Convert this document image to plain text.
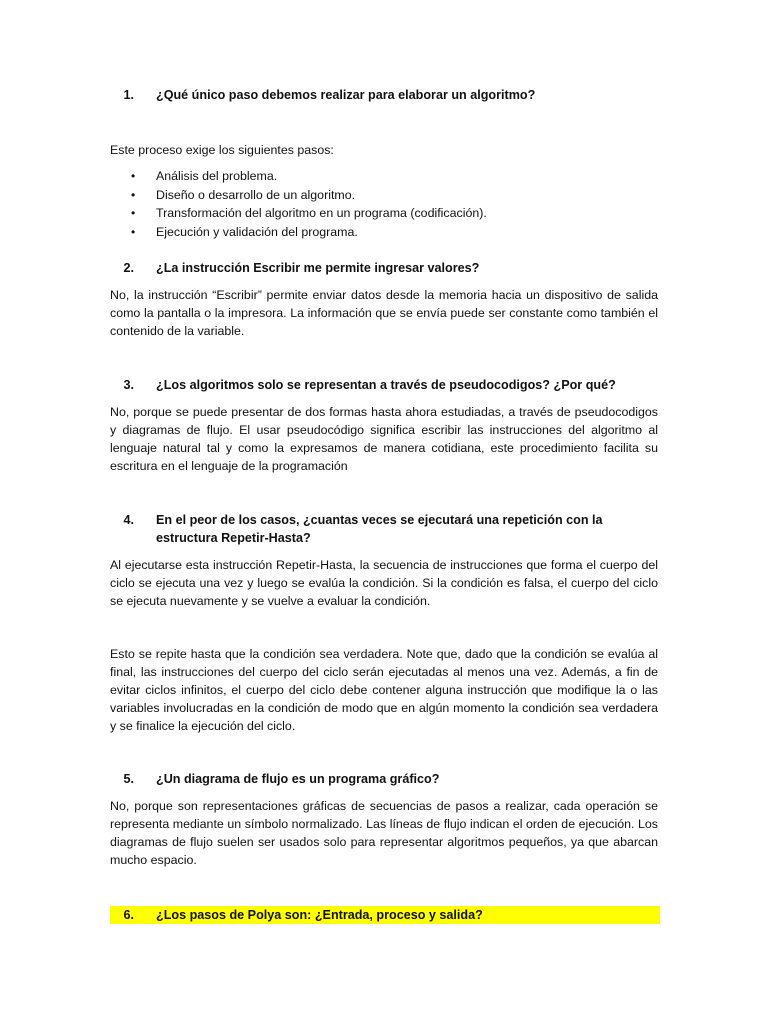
1.	¿Qué único paso debemos realizar para elaborar un algoritmo?
Este proceso exige los siguientes pasos:
• Análisis del problema.
• Diseño o desarrollo de un algoritmo.
• Transformación del algoritmo en un programa (codificación).
• Ejecución y validación del programa.
2.	¿La instrucción Escribir me permite ingresar valores?
No, la instrucción “Escribir” permite enviar datos desde la memoria hacia un dispositivo de salida como la pantalla o la impresora. La información que se envía puede ser constante como también el contenido de la variable.
3.	¿Los algoritmos solo se representan a través de pseudocodigos? ¿Por qué?
No, porque se puede presentar de dos formas hasta ahora estudiadas, a través de pseudocodigos y diagramas de flujo. El usar pseudocódigo significa escribir las instrucciones del algoritmo al lenguaje natural tal y como la expresamos de manera cotidiana, este procedimiento facilita su escritura en el lenguaje de la programación
4.	En el peor de los casos, ¿cuantas veces se ejecutará una repetición con la estructura Repetir-Hasta?
Al ejecutarse esta instrucción Repetir-Hasta, la secuencia de instrucciones que forma el cuerpo del ciclo se ejecuta una vez y luego se evalúa la condición. Si la condición es falsa, el cuerpo del ciclo se ejecuta nuevamente y se vuelve a evaluar la condición.
Esto se repite hasta que la condición sea verdadera. Note que, dado que la condición se evalúa al final, las instrucciones del cuerpo del ciclo serán ejecutadas al menos una vez. Además, a fin de evitar ciclos infinitos, el cuerpo del ciclo debe contener alguna instrucción que modifique la o las variables involucradas en la condición de modo que en algún momento la condición sea verdadera y se finalice la ejecución del ciclo.
5.	¿Un diagrama de flujo es un programa gráfico?
No, porque son representaciones gráficas de secuencias de pasos a realizar, cada operación se representa mediante un símbolo normalizado. Las líneas de flujo indican el orden de ejecución. Los diagramas de flujo suelen ser usados solo para representar algoritmos pequeños, ya que abarcan mucho espacio.
6.	¿Los pasos de Polya son: ¿Entrada, proceso y salida?
